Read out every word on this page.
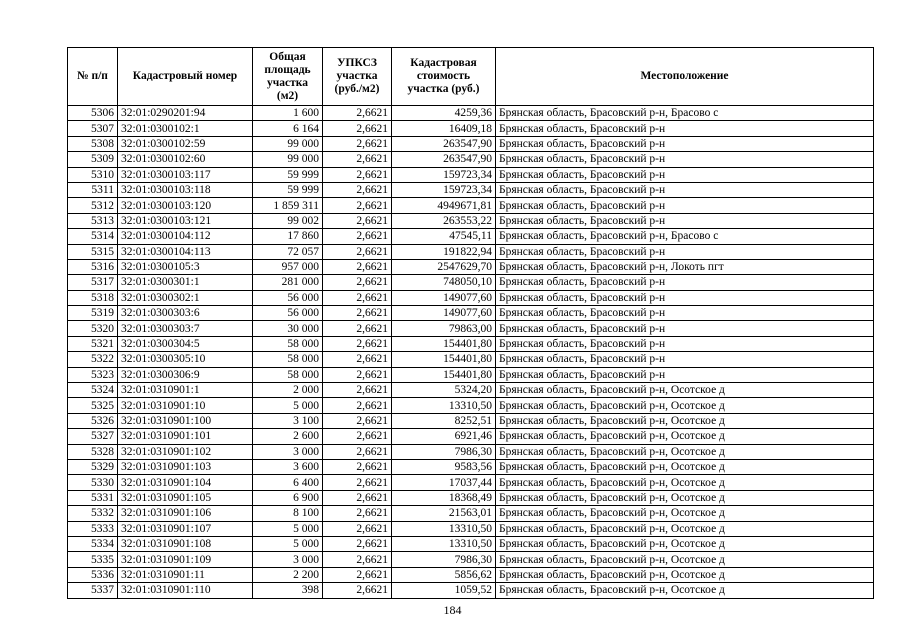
№ п/п	Кадастровый номер	Общая площадь участка (м2)	УПКСЗ участка (руб./м2)	Кадастровая стоимость участка (руб.)	Местоположение
5306	32:01:0290201:94	1 600	2,6621	4259,36	Брянская область, Брасовский р-н, Брасово с
5307	32:01:0300102:1	6 164	2,6621	16409,18	Брянская область, Брасовский р-н
5308	32:01:0300102:59	99 000	2,6621	263547,90	Брянская область, Брасовский р-н
5309	32:01:0300102:60	99 000	2,6621	263547,90	Брянская область, Брасовский р-н
5310	32:01:0300103:117	59 999	2,6621	159723,34	Брянская область, Брасовский р-н
5311	32:01:0300103:118	59 999	2,6621	159723,34	Брянская область, Брасовский р-н
5312	32:01:0300103:120	1 859 311	2,6621	4949671,81	Брянская область, Брасовский р-н
5313	32:01:0300103:121	99 002	2,6621	263553,22	Брянская область, Брасовский р-н
5314	32:01:0300104:112	17 860	2,6621	47545,11	Брянская область, Брасовский р-н, Брасово с
5315	32:01:0300104:113	72 057	2,6621	191822,94	Брянская область, Брасовский р-н
5316	32:01:0300105:3	957 000	2,6621	2547629,70	Брянская область, Брасовский р-н, Локоть пгт
5317	32:01:0300301:1	281 000	2,6621	748050,10	Брянская область, Брасовский р-н
5318	32:01:0300302:1	56 000	2,6621	149077,60	Брянская область, Брасовский р-н
5319	32:01:0300303:6	56 000	2,6621	149077,60	Брянская область, Брасовский р-н
5320	32:01:0300303:7	30 000	2,6621	79863,00	Брянская область, Брасовский р-н
5321	32:01:0300304:5	58 000	2,6621	154401,80	Брянская область, Брасовский р-н
5322	32:01:0300305:10	58 000	2,6621	154401,80	Брянская область, Брасовский р-н
5323	32:01:0300306:9	58 000	2,6621	154401,80	Брянская область, Брасовский р-н
5324	32:01:0310901:1	2 000	2,6621	5324,20	Брянская область, Брасовский р-н, Осотское д
5325	32:01:0310901:10	5 000	2,6621	13310,50	Брянская область, Брасовский р-н, Осотское д
5326	32:01:0310901:100	3 100	2,6621	8252,51	Брянская область, Брасовский р-н, Осотское д
5327	32:01:0310901:101	2 600	2,6621	6921,46	Брянская область, Брасовский р-н, Осотское д
5328	32:01:0310901:102	3 000	2,6621	7986,30	Брянская область, Брасовский р-н, Осотское д
5329	32:01:0310901:103	3 600	2,6621	9583,56	Брянская область, Брасовский р-н, Осотское д
5330	32:01:0310901:104	6 400	2,6621	17037,44	Брянская область, Брасовский р-н, Осотское д
5331	32:01:0310901:105	6 900	2,6621	18368,49	Брянская область, Брасовский р-н, Осотское д
5332	32:01:0310901:106	8 100	2,6621	21563,01	Брянская область, Брасовский р-н, Осотское д
5333	32:01:0310901:107	5 000	2,6621	13310,50	Брянская область, Брасовский р-н, Осотское д
5334	32:01:0310901:108	5 000	2,6621	13310,50	Брянская область, Брасовский р-н, Осотское д
5335	32:01:0310901:109	3 000	2,6621	7986,30	Брянская область, Брасовский р-н, Осотское д
5336	32:01:0310901:11	2 200	2,6621	5856,62	Брянская область, Брасовский р-н, Осотское д
5337	32:01:0310901:110	398	2,6621	1059,52	Брянская область, Брасовский р-н, Осотское д
184
